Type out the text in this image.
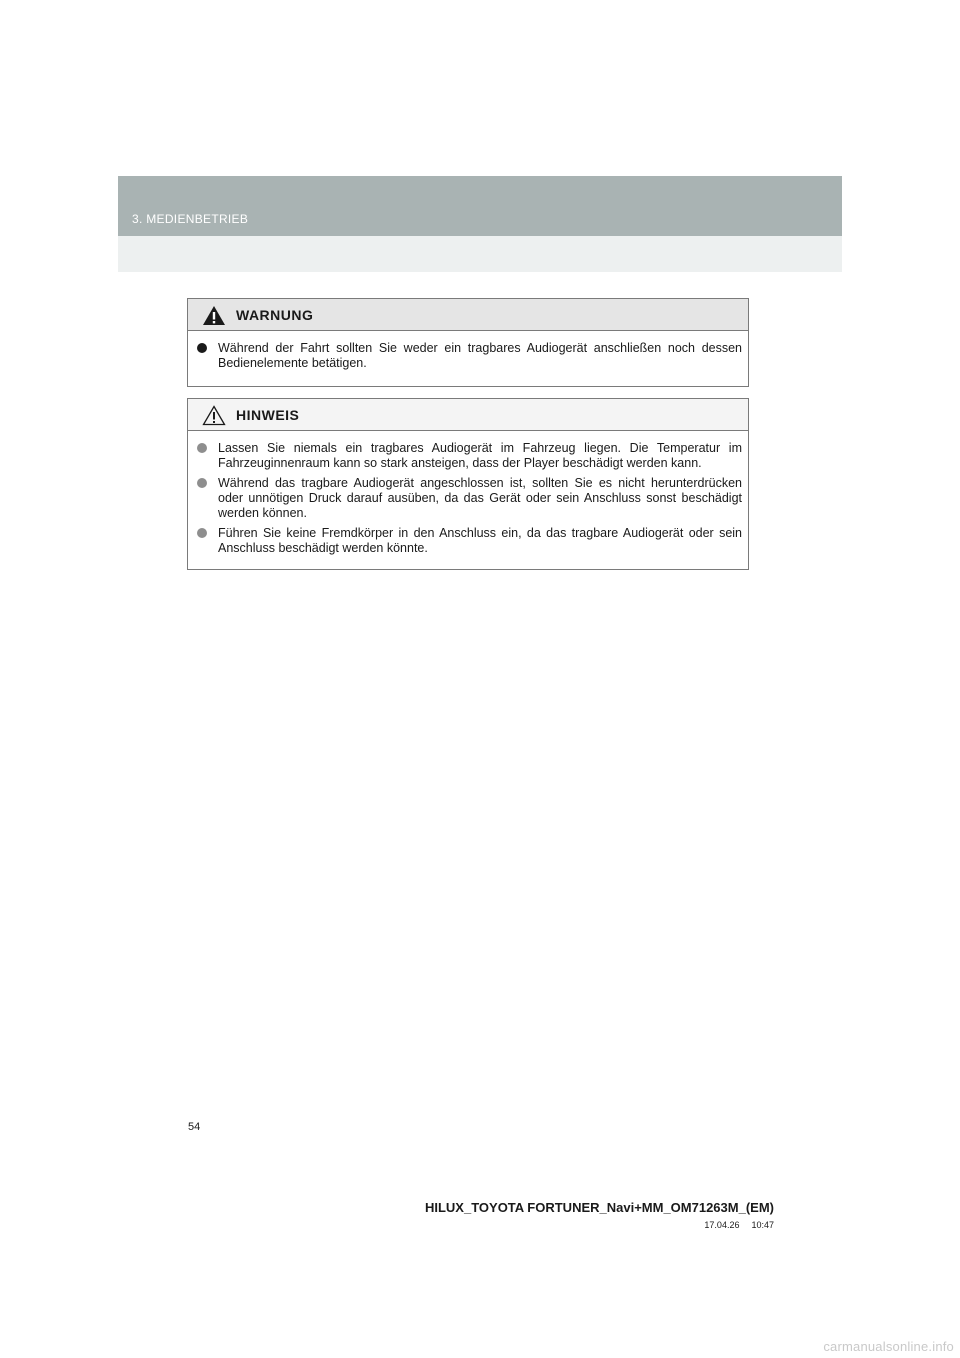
3. MEDIENBETRIEB
WARNUNG
Während der Fahrt sollten Sie weder ein tragbares Audiogerät anschließen noch dessen Bedienelemente betätigen.
HINWEIS
Lassen Sie niemals ein tragbares Audiogerät im Fahrzeug liegen. Die Temperatur im Fahrzeuginnenraum kann so stark ansteigen, dass der Player beschädigt werden kann.
Während das tragbare Audiogerät angeschlossen ist, sollten Sie es nicht herunterdrücken oder unnötigen Druck darauf ausüben, da das Gerät oder sein Anschluss sonst beschädigt werden können.
Führen Sie keine Fremdkörper in den Anschluss ein, da das tragbare Audiogerät oder sein Anschluss beschädigt werden könnte.
54
HILUX_TOYOTA FORTUNER_Navi+MM_OM71263M_(EM)
17.04.26 10:47
carmanualsonline.info
